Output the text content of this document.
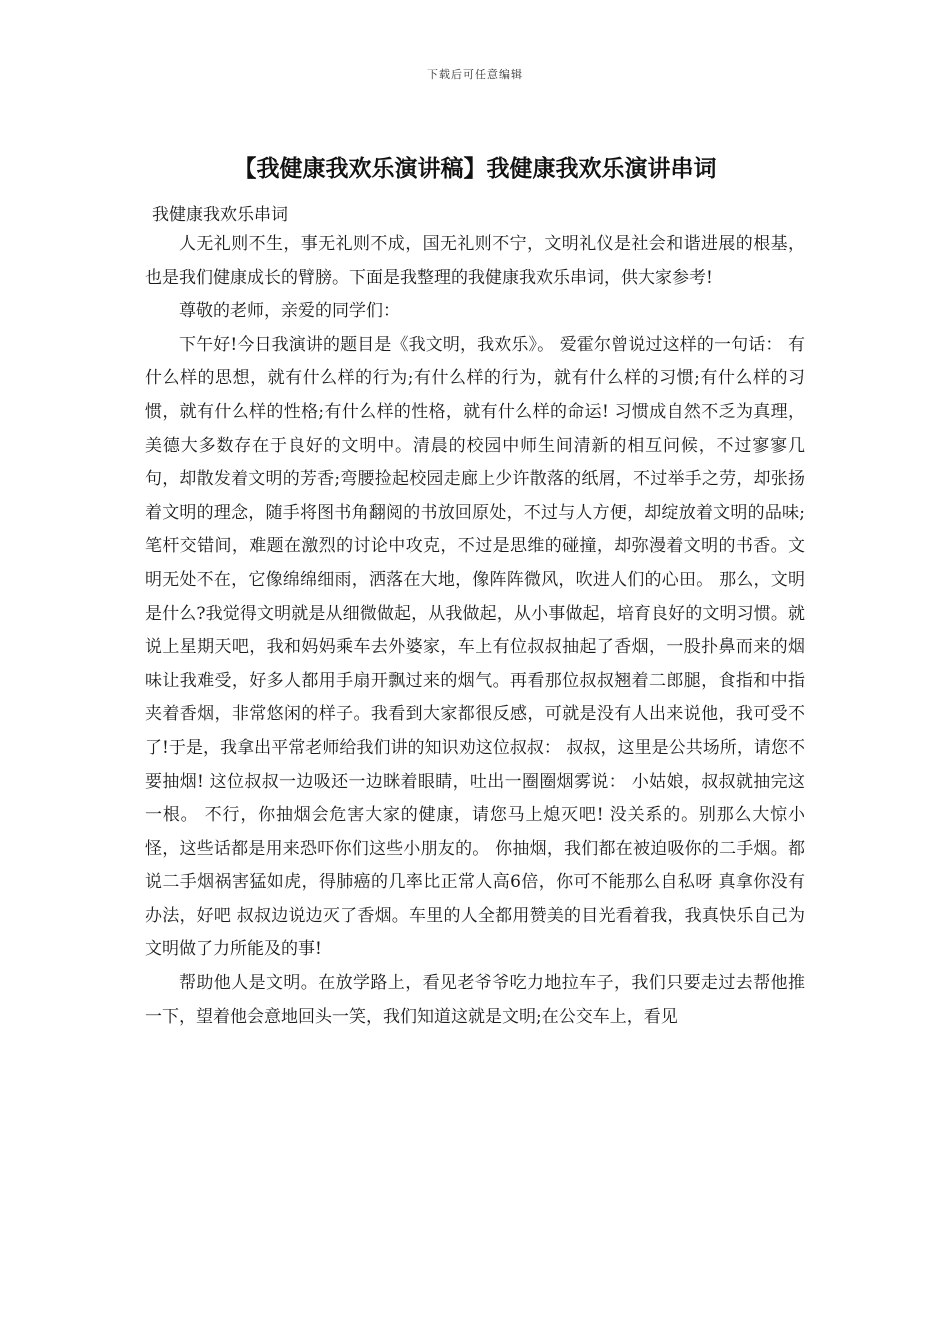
下载后可任意编辑
【我健康我欢乐演讲稿】我健康我欢乐演讲串词

我健康我欢乐串词

人无礼则不生，事无礼则不成，国无礼则不宁，文明礼仪是社会和谐进展的根基，也是我们健康成长的臂膀。下面是我整理的我健康我欢乐串词，供大家参考!

尊敬的老师，亲爱的同学们：

下午好!今日我演讲的题目是《我文明，我欢乐》。 爱霍尔曾说过这样的一句话： 有什么样的思想，就有什么样的行为;有什么样的行为，就有什么样的习惯;有什么样的习惯，就有什么样的性格;有什么样的性格，就有什么样的命运! 习惯成自然不乏为真理，美德大多数存在于良好的文明中。清晨的校园中师生间清新的相互问候，不过寥寥几句，却散发着文明的芳香;弯腰捡起校园走廊上少许散落的纸屑，不过举手之劳，却张扬着文明的理念，随手将图书角翻阅的书放回原处，不过与人方便，却绽放着文明的品味;笔杆交错间，难题在激烈的讨论中攻克，不过是思维的碰撞，却弥漫着文明的书香。文明无处不在，它像绵绵细雨，洒落在大地，像阵阵微风，吹进人们的心田。 那么，文明是什么?我觉得文明就是从细微做起，从我做起，从小事做起，培育良好的文明习惯。就说上星期天吧，我和妈妈乘车去外婆家，车上有位叔叔抽起了香烟，一股扑鼻而来的烟味让我难受，好多人都用手扇开飘过来的烟气。再看那位叔叔翘着二郎腿，食指和中指夹着香烟，非常悠闲的样子。我看到大家都很反感，可就是没有人出来说他，我可受不了!于是，我拿出平常老师给我们讲的知识劝这位叔叔： 叔叔，这里是公共场所，请您不要抽烟! 这位叔叔一边吸还一边眯着眼睛，吐出一圈圈烟雾说： 小姑娘，叔叔就抽完这一根。 不行，你抽烟会危害大家的健康，请您马上熄灭吧! 没关系的。别那么大惊小怪，这些话都是用来恐吓你们这些小朋友的。 你抽烟，我们都在被迫吸你的二手烟。都说二手烟祸害猛如虎，得肺癌的几率比正常人高6倍，你可不能那么自私呀 真拿你没有办法，好吧 叔叔边说边灭了香烟。车里的人全都用赞美的目光看着我，我真快乐自己为文明做了力所能及的事!

帮助他人是文明。在放学路上，看见老爷爷吃力地拉车子，我们只要走过去帮他推一下，望着他会意地回头一笑，我们知道这就是文明;在公交车上，看见
